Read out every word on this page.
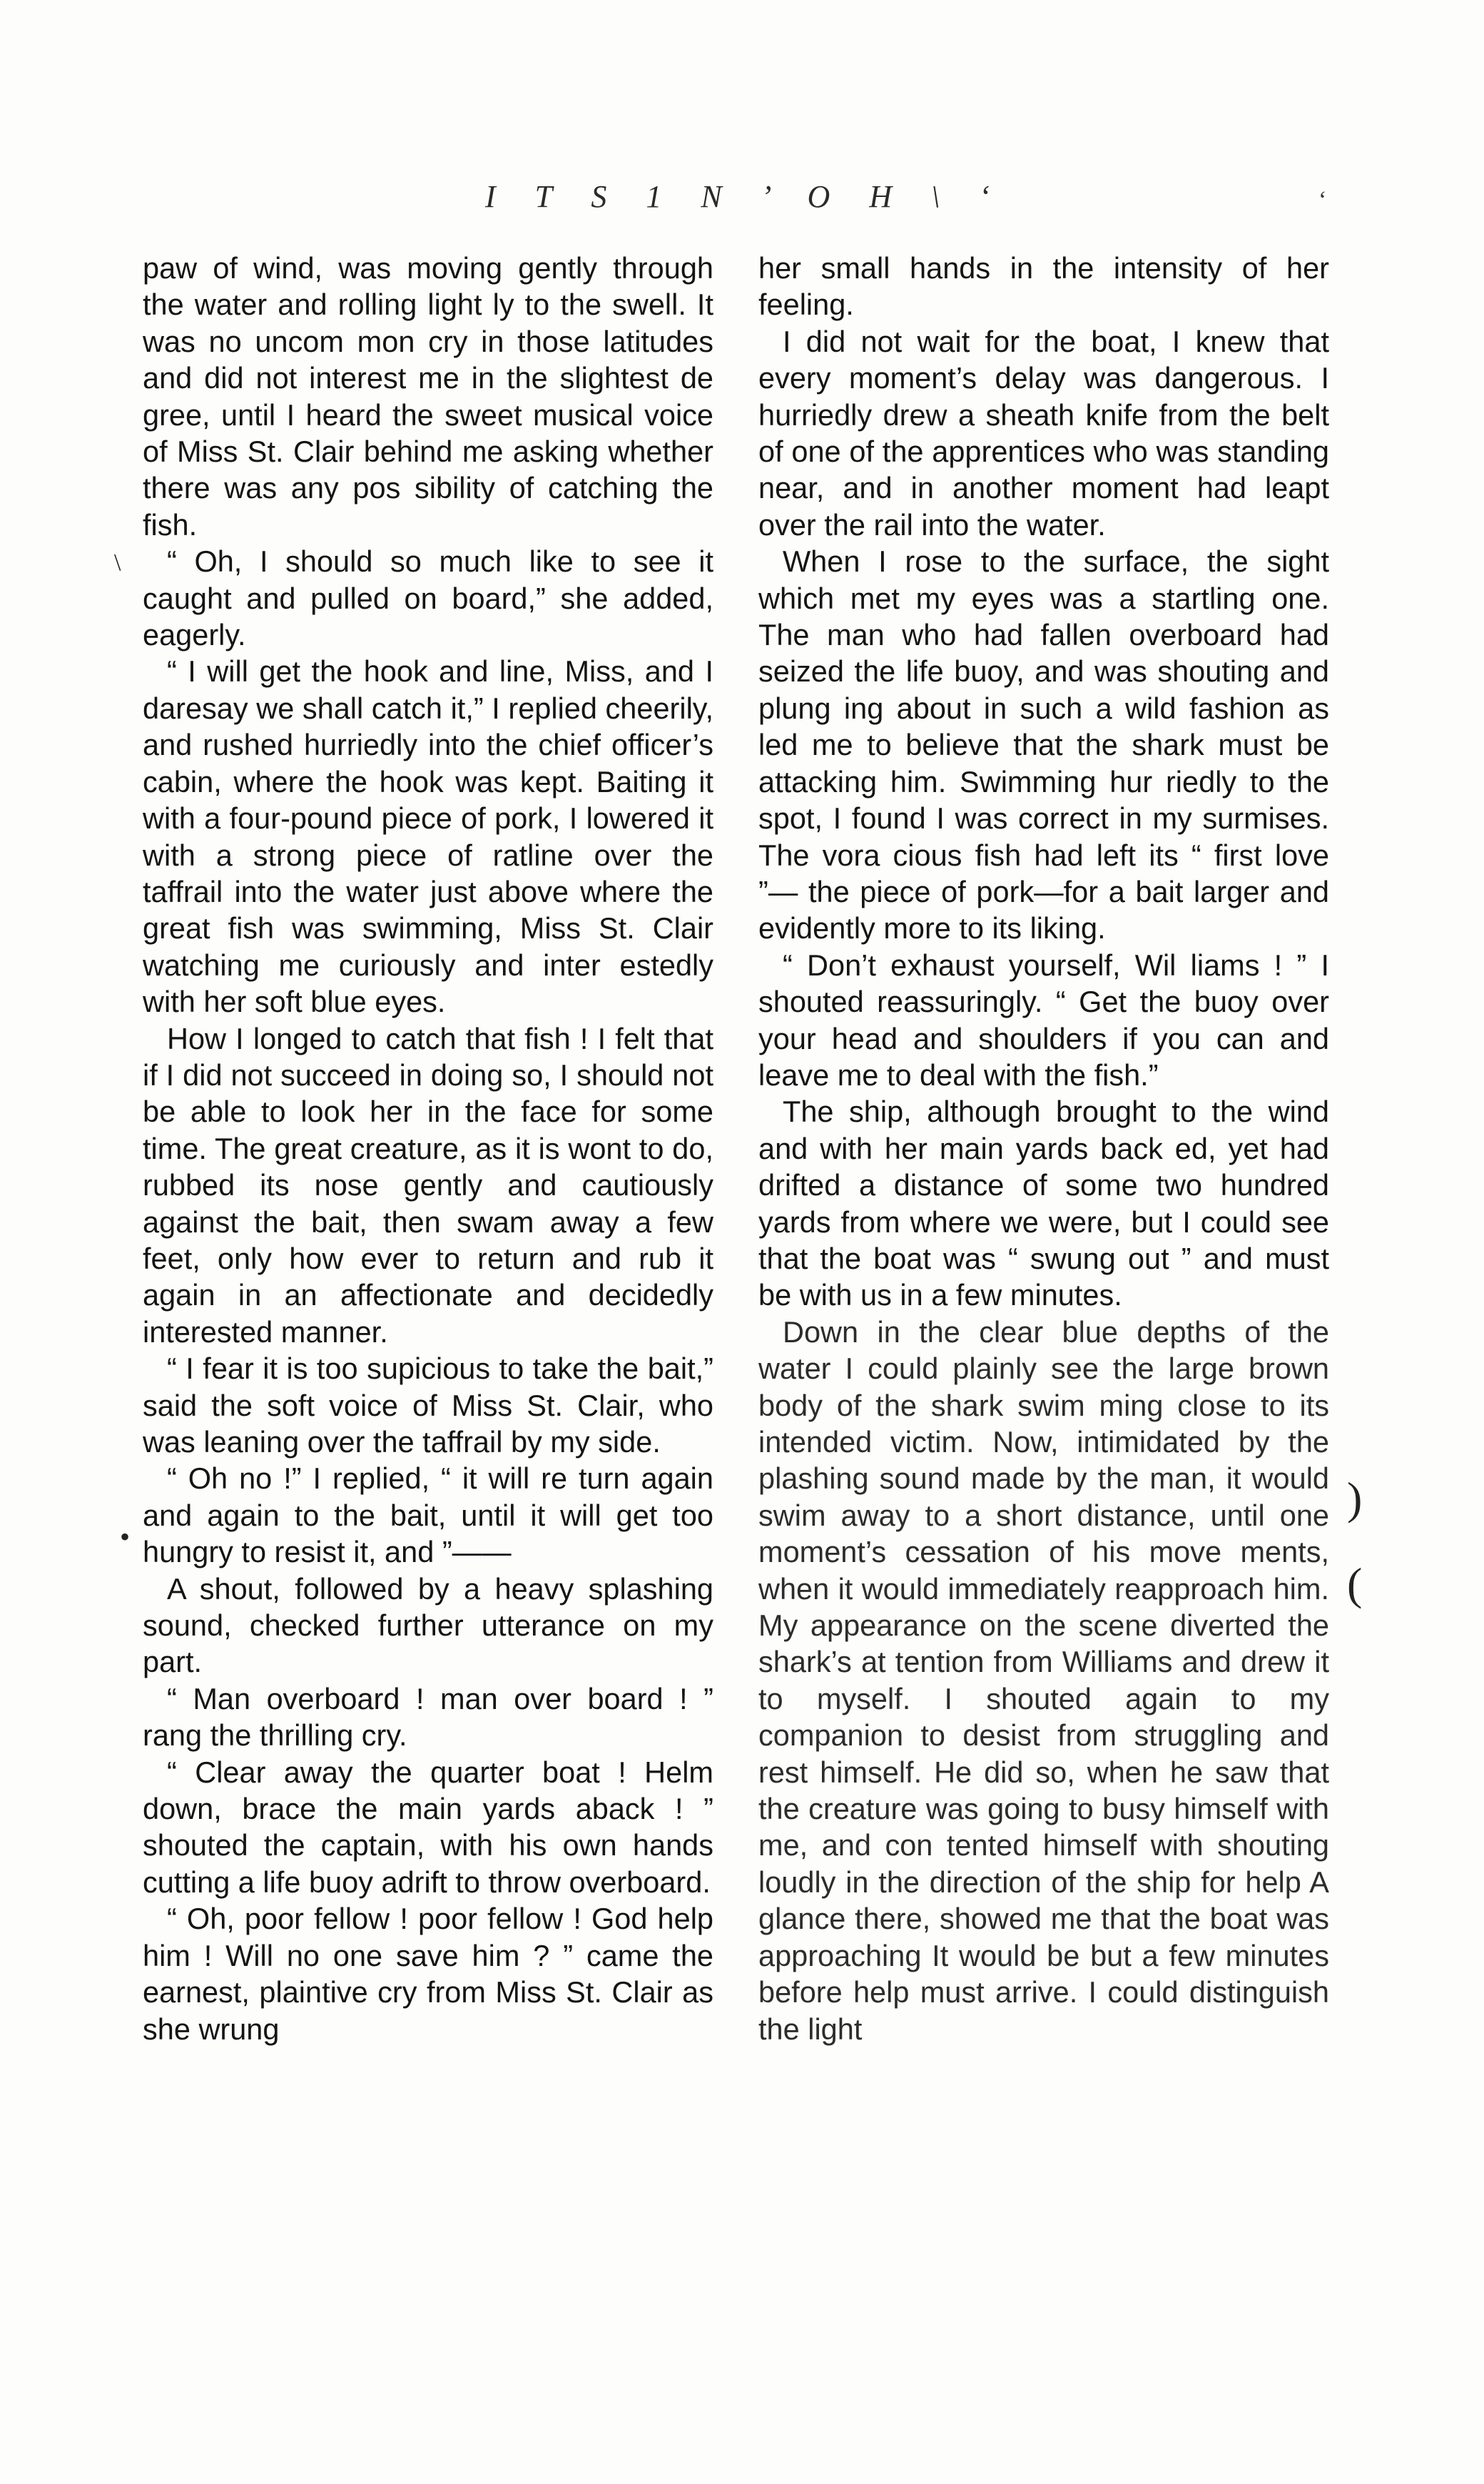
I T S 1 N ’ O H \ ‘	‘
\
•
)
(

paw of wind, was moving gently through the water and rolling light ly to the swell. It was no uncom mon cry in those latitudes and did not interest me in the slightest de gree, until I heard the sweet musical voice of Miss St. Clair behind me asking whether there was any pos sibility of catching the fish.

“ Oh, I should so much like to see it caught and pulled on board,” she added, eagerly.

“ I will get the hook and line, Miss, and I daresay we shall catch it,” I replied cheerily, and rushed hurriedly into the chief officer’s cabin, where the hook was kept. Baiting it with a four-pound piece of pork, I lowered it with a strong piece of ratline over the taffrail into the water just above where the great fish was swimming, Miss St. Clair watching me curiously and inter estedly with her soft blue eyes.

How I longed to catch that fish ! I felt that if I did not succeed in doing so, I should not be able to look her in the face for some time. The great creature, as it is wont to do, rubbed its nose gently and cautiously against the bait, then swam away a few feet, only how ever to return and rub it again in an affectionate and decidedly interested manner.

“ I fear it is too supicious to take the bait,” said the soft voice of Miss St. Clair, who was leaning over the taffrail by my side.

“ Oh no !” I replied, “ it will re turn again and again to the bait, until it will get too hungry to resist it, and ”——

A shout, followed by a heavy splashing sound, checked further utterance on my part.

“ Man overboard ! man over board ! ” rang the thrilling cry.

“ Clear away the quarter boat ! Helm down, brace the main yards aback ! ” shouted the captain, with his own hands cutting a life buoy adrift to throw overboard.

“ Oh, poor fellow ! poor fellow ! God help him ! Will no one save him ? ” came the earnest, plaintive cry from Miss St. Clair as she wrung

her small hands in the intensity of her feeling.

I did not wait for the boat, I knew that every moment’s delay was dangerous. I hurriedly drew a sheath knife from the belt of one of the apprentices who was standing near, and in another moment had leapt over the rail into the water.

When I rose to the surface, the sight which met my eyes was a startling one. The man who had fallen overboard had seized the life buoy, and was shouting and plung ing about in such a wild fashion as led me to believe that the shark must be attacking him. Swimming hur riedly to the spot, I found I was correct in my surmises. The vora cious fish had left its “ first love ”— the piece of pork—for a bait larger and evidently more to its liking.

“ Don’t exhaust yourself, Wil liams ! ” I shouted reassuringly. “ Get the buoy over your head and shoulders if you can and leave me to deal with the fish.”

The ship, although brought to the wind and with her main yards back ed, yet had drifted a distance of some two hundred yards from where we were, but I could see that the boat was “ swung out ” and must be with us in a few minutes.

Down in the clear blue depths of the water I could plainly see the large brown body of the shark swim ming close to its intended victim. Now, intimidated by the plashing sound made by the man, it would swim away to a short distance, until one moment’s cessation of his move ments, when it would immediately reapproach him. My appearance on the scene diverted the shark’s at tention from Williams and drew it to myself. I shouted again to my companion to desist from struggling and rest himself. He did so, when he saw that the creature was going to busy himself with me, and con tented himself with shouting loudly in the direction of the ship for help A glance there, showed me that the boat was approaching It would be but a few minutes before help must arrive. I could distinguish the light
